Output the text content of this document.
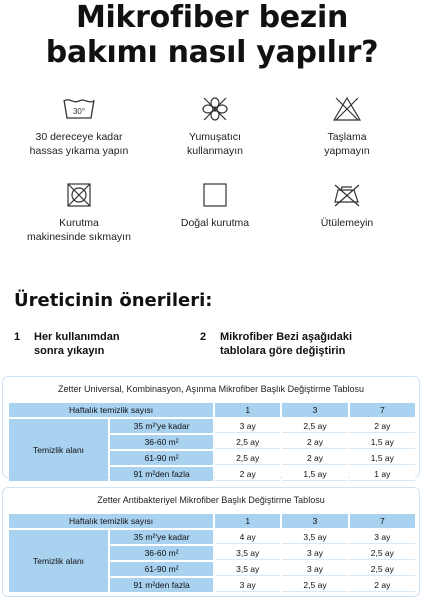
Mikrofiber bezin
bakımı nasıl yapılır?
30°
30 dereceye kadar
hassas yıkama yapın
Yumuşatıcı
kullanmayın
Taşlama
yapmayın
Kurutma
makinesinde sıkmayın
Doğal kurutma	Ütülemeyin
Üreticinin önerileri:
1 Her kullanımdan sonra yıkayın
2 Mikrofiber Bezi aşağıdaki tablolara göre değiştirin
Zetter Universal, Kombinasyon, Aşınma Mikrofiber Başlık Değiştirme Tablosu
Haftalık temizlik sayısı		1	3	7
Temizlik alanı	35 m²'ye kadar	3 ay	2,5 ay	2 ay
	36-60 m²	2,5 ay	2 ay	1,5 ay
	61-90 m²	2,5 ay	2 ay	1,5 ay
	91 m²den fazla	2 ay	1,5 ay	1 ay
Zetter Antibakteriyel Mikrofiber Başlık Değiştirme Tablosu
Haftalık temizlik sayısı		1	3	7
Temizlik alanı	35 m²'ye kadar	4 ay	3,5 ay	3 ay
	36-60 m²	3,5 ay	3 ay	2,5 ay
	61-90 m²	3,5 ay	3 ay	2,5 ay
	91 m²den fazla	3 ay	2,5 ay	2 ay
